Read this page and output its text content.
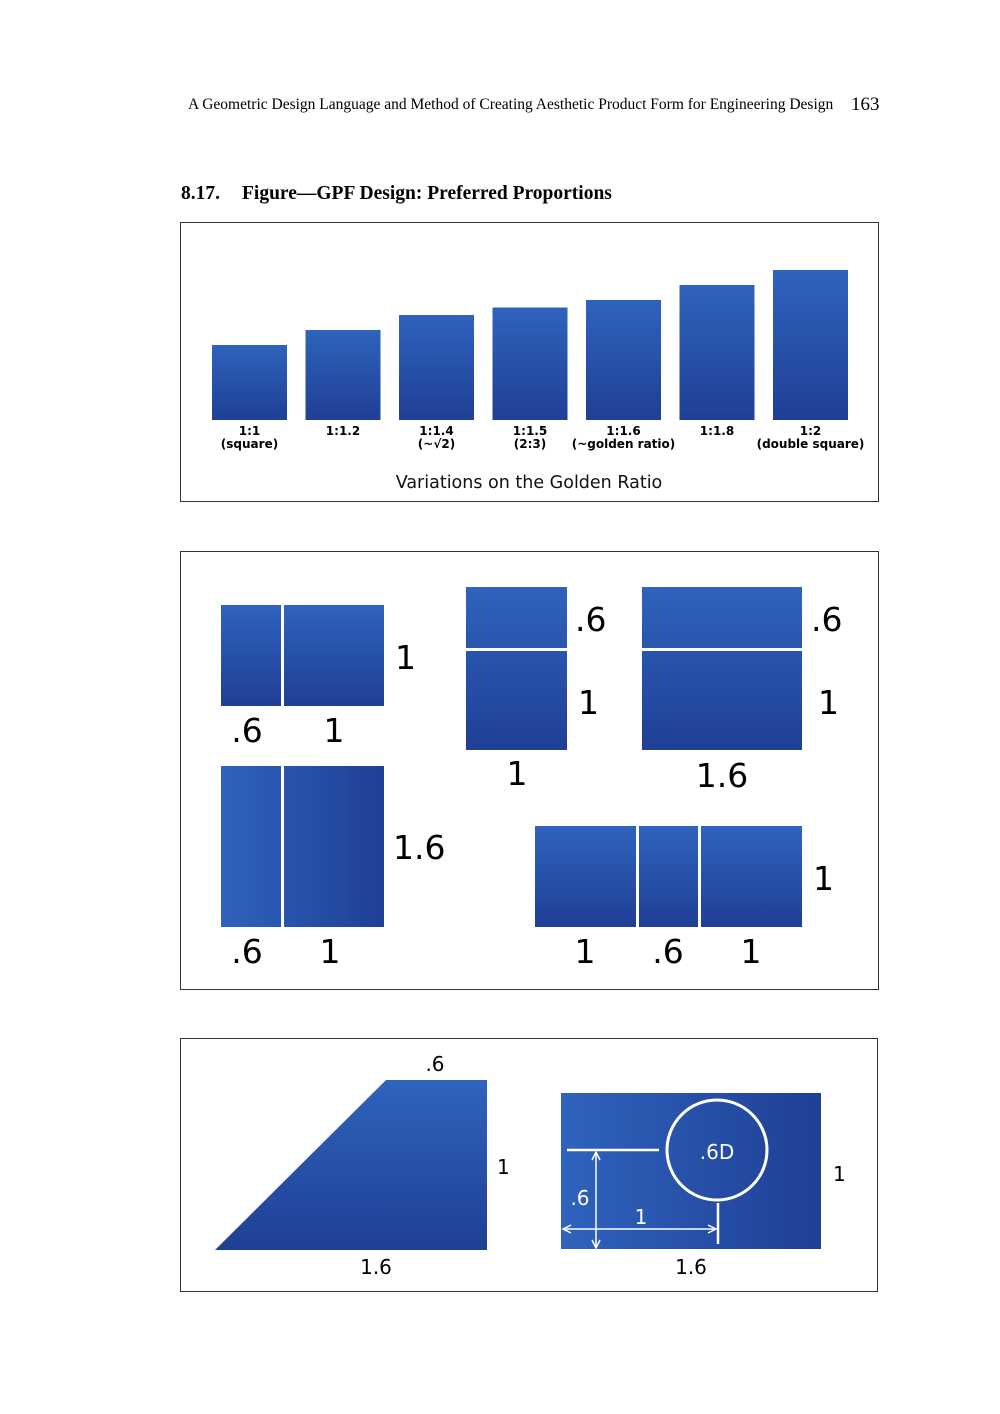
A Geometric Design Language and Method of Creating Aesthetic Product Form for Engineering Design 163
8.17. Figure—GPF Design: Preferred Proportions
1:1
(square)
1:1.2	1:1.4
(~√2)
1:1.5
(2:3)
1:1.6
(~golden ratio)
1:1.8	1:2
(double square)
Variations on the Golden Ratio
1
.6 1
.6
1
1
.6
1
1.6
1.6
.6 1
1
1 .6 1
.6
1
1.6
.6D
.6
1
1
1.6
